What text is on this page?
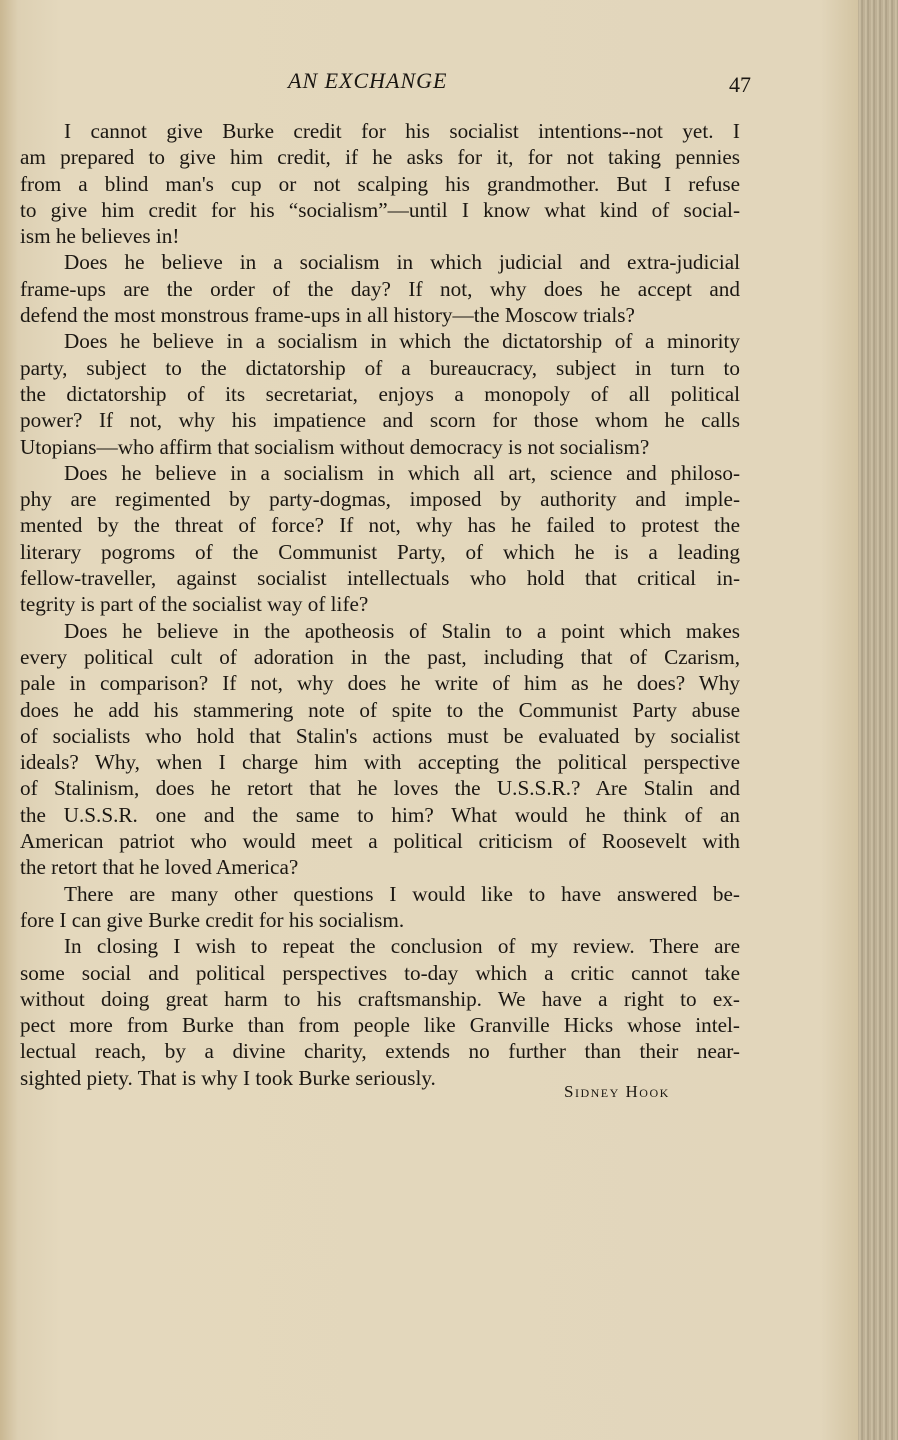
AN EXCHANGE	47
I cannot give Burke credit for his socialist intentions--not yet. I
am prepared to give him credit, if he asks for it, for not taking pennies
from a blind man's cup or not scalping his grandmother. But I refuse
to give him credit for his “socialism”—until I know what kind of social-
ism he believes in!
Does he believe in a socialism in which judicial and extra-judicial
frame-ups are the order of the day? If not, why does he accept and
defend the most monstrous frame-ups in all history—the Moscow trials?
Does he believe in a socialism in which the dictatorship of a minority
party, subject to the dictatorship of a bureaucracy, subject in turn to
the dictatorship of its secretariat, enjoys a monopoly of all political
power? If not, why his impatience and scorn for those whom he calls
Utopians—who affirm that socialism without democracy is not socialism?
Does he believe in a socialism in which all art, science and philoso-
phy are regimented by party-dogmas, imposed by authority and imple-
mented by the threat of force? If not, why has he failed to protest the
literary pogroms of the Communist Party, of which he is a leading
fellow-traveller, against socialist intellectuals who hold that critical in-
tegrity is part of the socialist way of life?
Does he believe in the apotheosis of Stalin to a point which makes
every political cult of adoration in the past, including that of Czarism,
pale in comparison? If not, why does he write of him as he does? Why
does he add his stammering note of spite to the Communist Party abuse
of socialists who hold that Stalin's actions must be evaluated by socialist
ideals? Why, when I charge him with accepting the political perspective
of Stalinism, does he retort that he loves the U.S.S.R.? Are Stalin and
the U.S.S.R. one and the same to him? What would he think of an
American patriot who would meet a political criticism of Roosevelt with
the retort that he loved America?
There are many other questions I would like to have answered be-
fore I can give Burke credit for his socialism.
In closing I wish to repeat the conclusion of my review. There are
some social and political perspectives to-day which a critic cannot take
without doing great harm to his craftsmanship. We have a right to ex-
pect more from Burke than from people like Granville Hicks whose intel-
lectual reach, by a divine charity, extends no further than their near-
sighted piety. That is why I took Burke seriously.
Sidney Hook
